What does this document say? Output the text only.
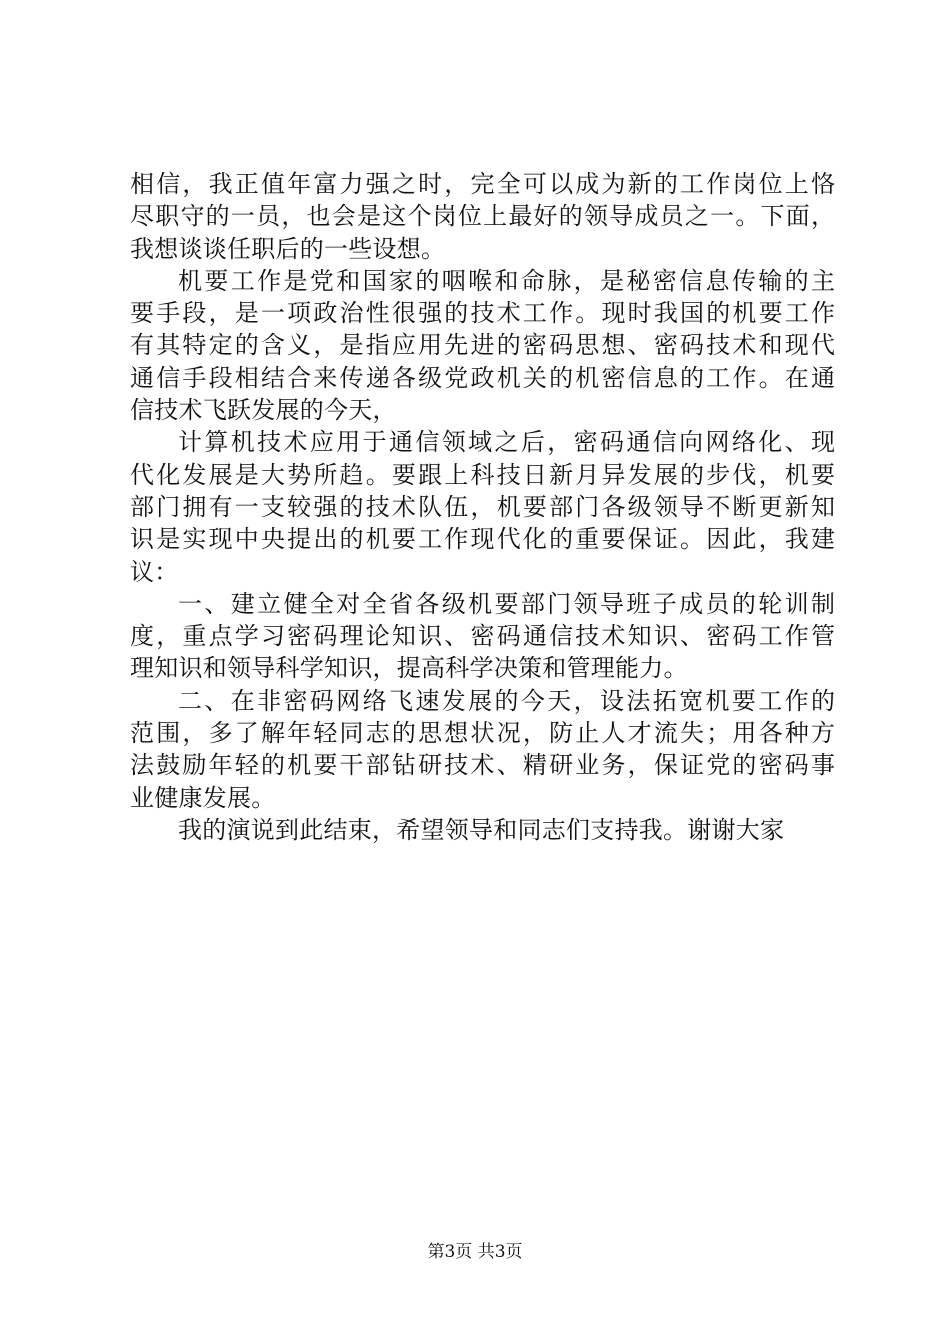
相信，我正值年富力强之时，完全可以成为新的工作岗位上恪
尽职守的一员，也会是这个岗位上最好的领导成员之一。下面，
我想谈谈任职后的一些设想。
机要工作是党和国家的咽喉和命脉，是秘密信息传输的主
要手段，是一项政治性很强的技术工作。现时我国的机要工作
有其特定的含义，是指应用先进的密码思想、密码技术和现代
通信手段相结合来传递各级党政机关的机密信息的工作。在通
信技术飞跃发展的今天，
计算机技术应用于通信领域之后，密码通信向网络化、现
代化发展是大势所趋。要跟上科技日新月异发展的步伐，机要
部门拥有一支较强的技术队伍，机要部门各级领导不断更新知
识是实现中央提出的机要工作现代化的重要保证。因此，我建
议：
一、建立健全对全省各级机要部门领导班子成员的轮训制
度，重点学习密码理论知识、密码通信技术知识、密码工作管
理知识和领导科学知识，提高科学决策和管理能力。
二、在非密码网络飞速发展的今天，设法拓宽机要工作的
范围，多了解年轻同志的思想状况，防止人才流失；用各种方
法鼓励年轻的机要干部钻研技术、精研业务，保证党的密码事
业健康发展。
我的演说到此结束，希望领导和同志们支持我。谢谢大家
第3页 共3页
